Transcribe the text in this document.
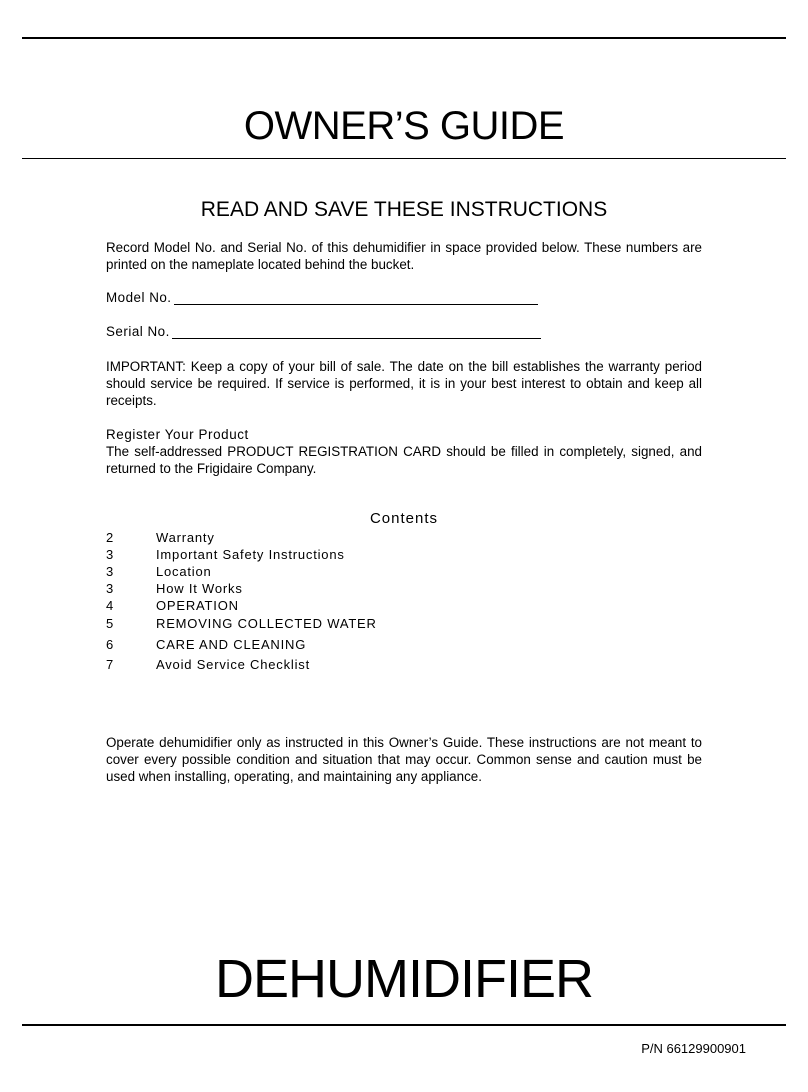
OWNER’S GUIDE
READ AND SAVE THESE INSTRUCTIONS
Record Model No. and Serial No. of this dehumidifier in space provided below. These numbers are printed on the nameplate located behind the bucket.
Model No.
Serial No.
IMPORTANT: Keep a copy of your bill of sale. The date on the bill establishes the warranty period should service be required. If service is performed, it is in your best interest to obtain and keep all receipts.
Register Your Product
The self-addressed PRODUCT REGISTRATION CARD should be filled in completely, signed, and returned to the Frigidaire Company.
Contents
2	Warranty
3	Important Safety Instructions
3	Location
3	How It Works
4	OPERATION
5	REMOVING COLLECTED WATER
6	CARE AND CLEANING
7	Avoid Service Checklist
Operate dehumidifier only as instructed in this Owner’s Guide. These instructions are not meant to cover every possible condition and situation that may occur. Common sense and caution must be used when installing, operating, and maintaining any appliance.
DEHUMIDIFIER
P/N 66129900901
